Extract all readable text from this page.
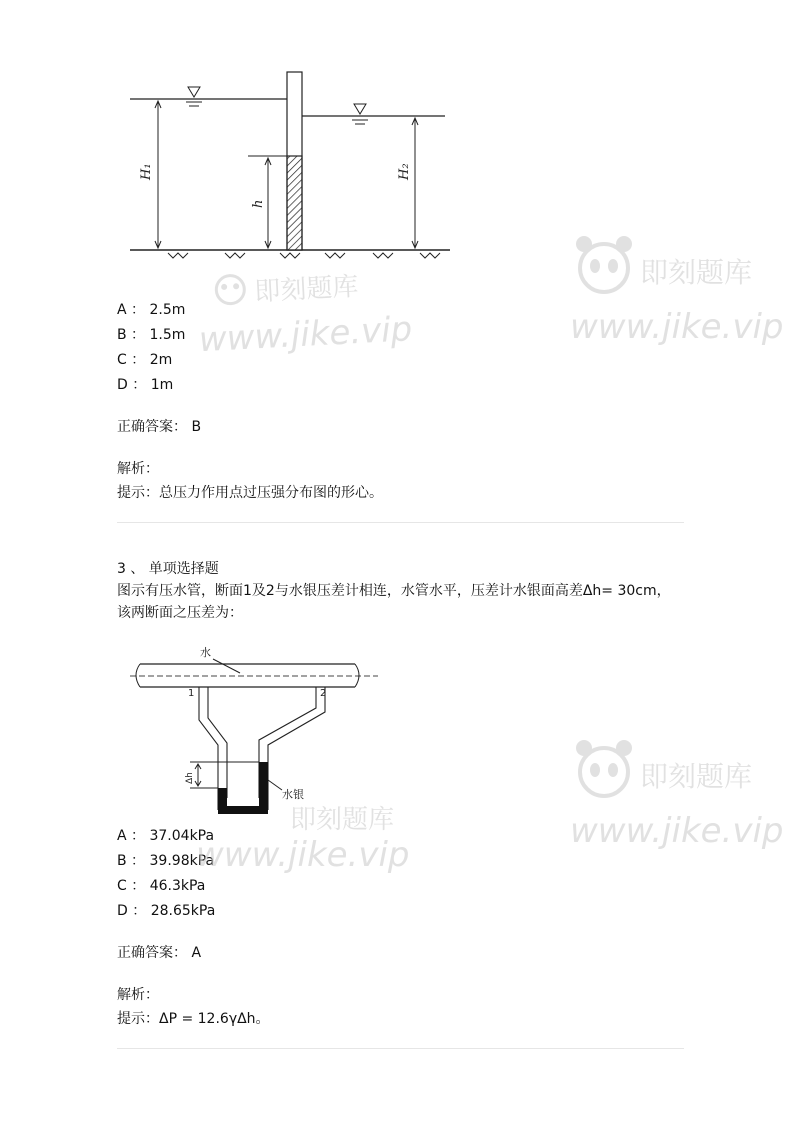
H₁
h
H₂
A ： 2.5m
B ： 1.5m
C ： 2m
D ： 1m
正确答案： B
解析：
提示：总压力作用点过压强分布图的形心。
3 、 单项选择题
图示有压水管，断面1及2与水银压差计相连，水管水平，压差计水银面高差Δh= 30cm，
该两断面之压差为：
水
1	2
Δh
水银
A ： 37.04kPa
B ： 39.98kPa
C ： 46.3kPa
D ： 28.65kPa
正确答案： A
解析：
提示：ΔP = 12.6γΔh。
即刻题库
www.jike.vip
即刻题库
www.jike.vip
即刻题库
www.jike.vip
即刻题库
www.jike.vip
